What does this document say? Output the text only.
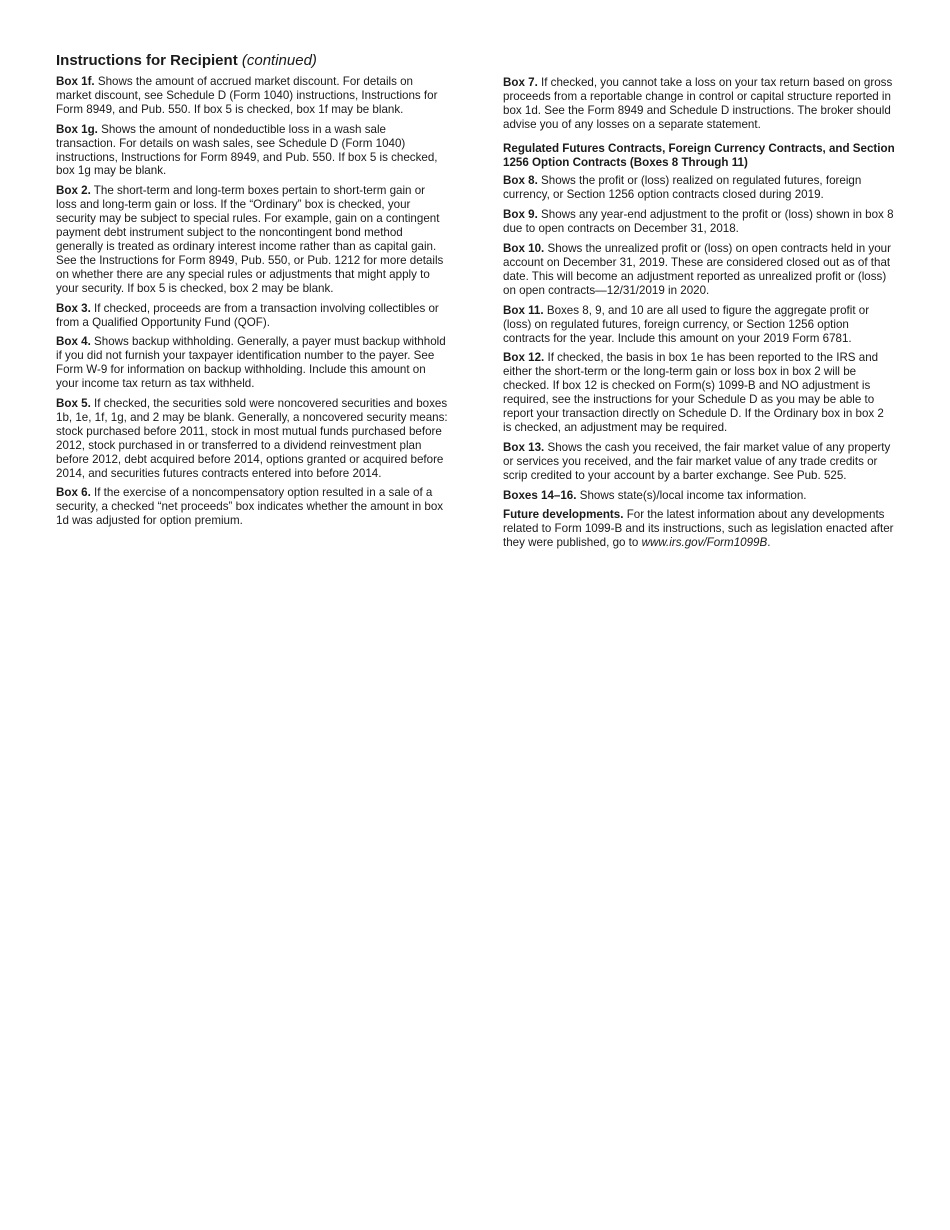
Instructions for Recipient (continued)

Box 1f. Shows the amount of accrued market discount. For details on market discount, see Schedule D (Form 1040) instructions, Instructions for Form 8949, and Pub. 550. If box 5 is checked, box 1f may be blank.

Box 1g. Shows the amount of nondeductible loss in a wash sale transaction. For details on wash sales, see Schedule D (Form 1040) instructions, Instructions for Form 8949, and Pub. 550. If box 5 is checked, box 1g may be blank.

Box 2. The short-term and long-term boxes pertain to short-term gain or loss and long-term gain or loss. If the “Ordinary” box is checked, your security may be subject to special rules. For example, gain on a contingent payment debt instrument subject to the noncontingent bond method generally is treated as ordinary interest income rather than as capital gain. See the Instructions for Form 8949, Pub. 550, or Pub. 1212 for more details on whether there are any special rules or adjustments that might apply to your security. If box 5 is checked, box 2 may be blank.

Box 3. If checked, proceeds are from a transaction involving collectibles or from a Qualified Opportunity Fund (QOF).

Box 4. Shows backup withholding. Generally, a payer must backup withhold if you did not furnish your taxpayer identification number to the payer. See Form W-9 for information on backup withholding. Include this amount on your income tax return as tax withheld.

Box 5. If checked, the securities sold were noncovered securities and boxes 1b, 1e, 1f, 1g, and 2 may be blank. Generally, a noncovered security means: stock purchased before 2011, stock in most mutual funds purchased before 2012, stock purchased in or transferred to a dividend reinvestment plan before 2012, debt acquired before 2014, options granted or acquired before 2014, and securities futures contracts entered into before 2014.

Box 6. If the exercise of a noncompensatory option resulted in a sale of a security, a checked “net proceeds” box indicates whether the amount in box 1d was adjusted for option premium.

Box 7. If checked, you cannot take a loss on your tax return based on gross proceeds from a reportable change in control or capital structure reported in box 1d. See the Form 8949 and Schedule D instructions. The broker should advise you of any losses on a separate statement.

Regulated Futures Contracts, Foreign Currency Contracts, and Section 1256 Option Contracts (Boxes 8 Through 11)

Box 8. Shows the profit or (loss) realized on regulated futures, foreign currency, or Section 1256 option contracts closed during 2019.

Box 9. Shows any year-end adjustment to the profit or (loss) shown in box 8 due to open contracts on December 31, 2018.

Box 10. Shows the unrealized profit or (loss) on open contracts held in your account on December 31, 2019. These are considered closed out as of that date. This will become an adjustment reported as unrealized profit or (loss) on open contracts—12/31/2019 in 2020.

Box 11. Boxes 8, 9, and 10 are all used to figure the aggregate profit or (loss) on regulated futures, foreign currency, or Section 1256 option contracts for the year. Include this amount on your 2019 Form 6781.

Box 12. If checked, the basis in box 1e has been reported to the IRS and either the short-term or the long-term gain or loss box in box 2 will be checked. If box 12 is checked on Form(s) 1099-B and NO adjustment is required, see the instructions for your Schedule D as you may be able to report your transaction directly on Schedule D. If the Ordinary box in box 2 is checked, an adjustment may be required.

Box 13. Shows the cash you received, the fair market value of any property or services you received, and the fair market value of any trade credits or scrip credited to your account by a barter exchange. See Pub. 525.

Boxes 14–16. Shows state(s)/local income tax information.

Future developments. For the latest information about any developments related to Form 1099-B and its instructions, such as legislation enacted after they were published, go to www.irs.gov/Form1099B.
